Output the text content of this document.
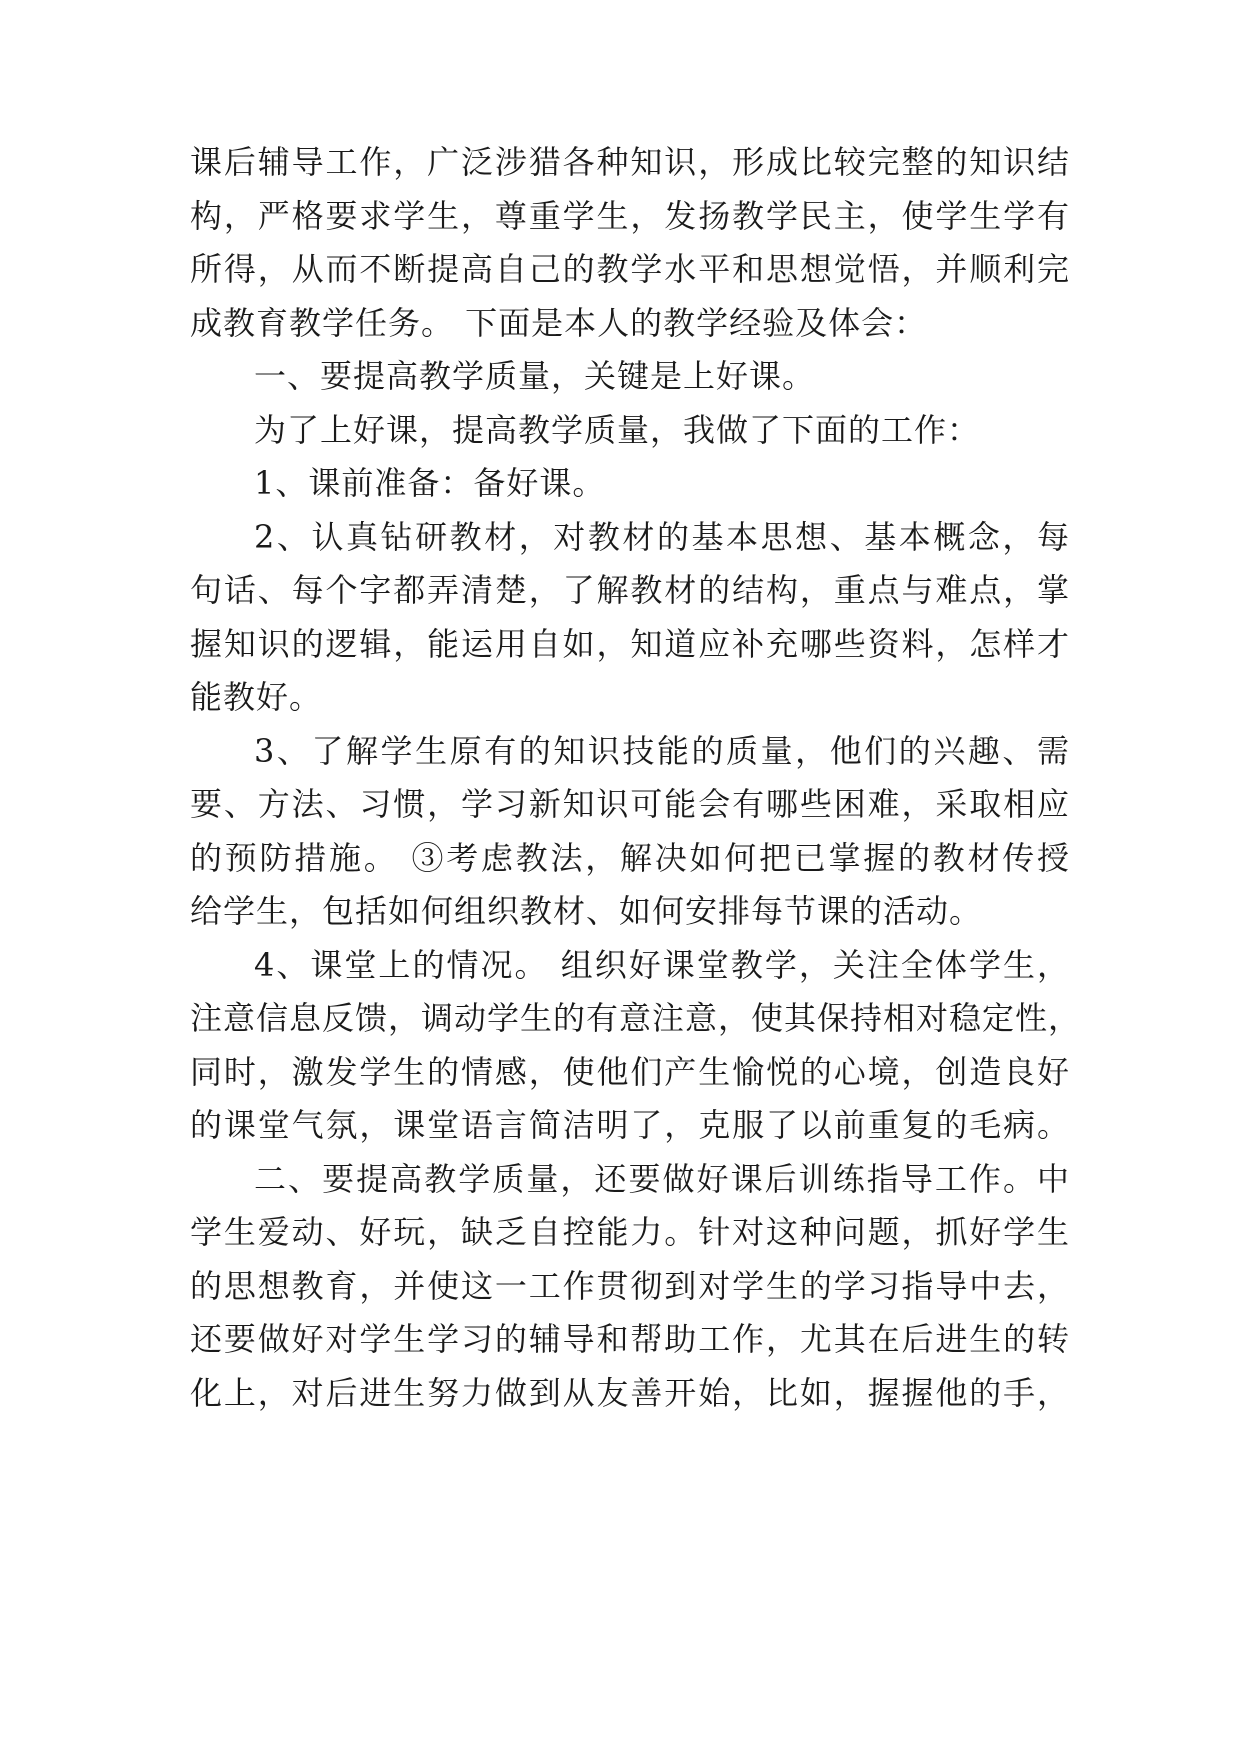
课后辅导工作，广泛涉猎各种知识，形成比较完整的知识结
构，严格要求学生，尊重学生，发扬教学民主，使学生学有
所得，从而不断提高自己的教学水平和思想觉悟，并顺利完
成教育教学任务。 下面是本人的教学经验及体会：
一、要提高教学质量，关键是上好课。
为了上好课，提高教学质量，我做了下面的工作：
1、课前准备：备好课。
2、认真钻研教材，对教材的基本思想、基本概念，每
句话、每个字都弄清楚，了解教材的结构，重点与难点，掌
握知识的逻辑，能运用自如，知道应补充哪些资料，怎样才
能教好。
3、了解学生原有的知识技能的质量，他们的兴趣、需
要、方法、习惯，学习新知识可能会有哪些困难，采取相应
的预防措施。 ③考虑教法，解决如何把已掌握的教材传授
给学生，包括如何组织教材、如何安排每节课的活动。
4、课堂上的情况。 组织好课堂教学，关注全体学生，
注意信息反馈，调动学生的有意注意，使其保持相对稳定性，
同时，激发学生的情感，使他们产生愉悦的心境，创造良好
的课堂气氛，课堂语言简洁明了，克服了以前重复的毛病。
二、要提高教学质量，还要做好课后训练指导工作。中
学生爱动、好玩，缺乏自控能力。针对这种问题，抓好学生
的思想教育，并使这一工作贯彻到对学生的学习指导中去，
还要做好对学生学习的辅导和帮助工作，尤其在后进生的转
化上，对后进生努力做到从友善开始，比如，握握他的手，
